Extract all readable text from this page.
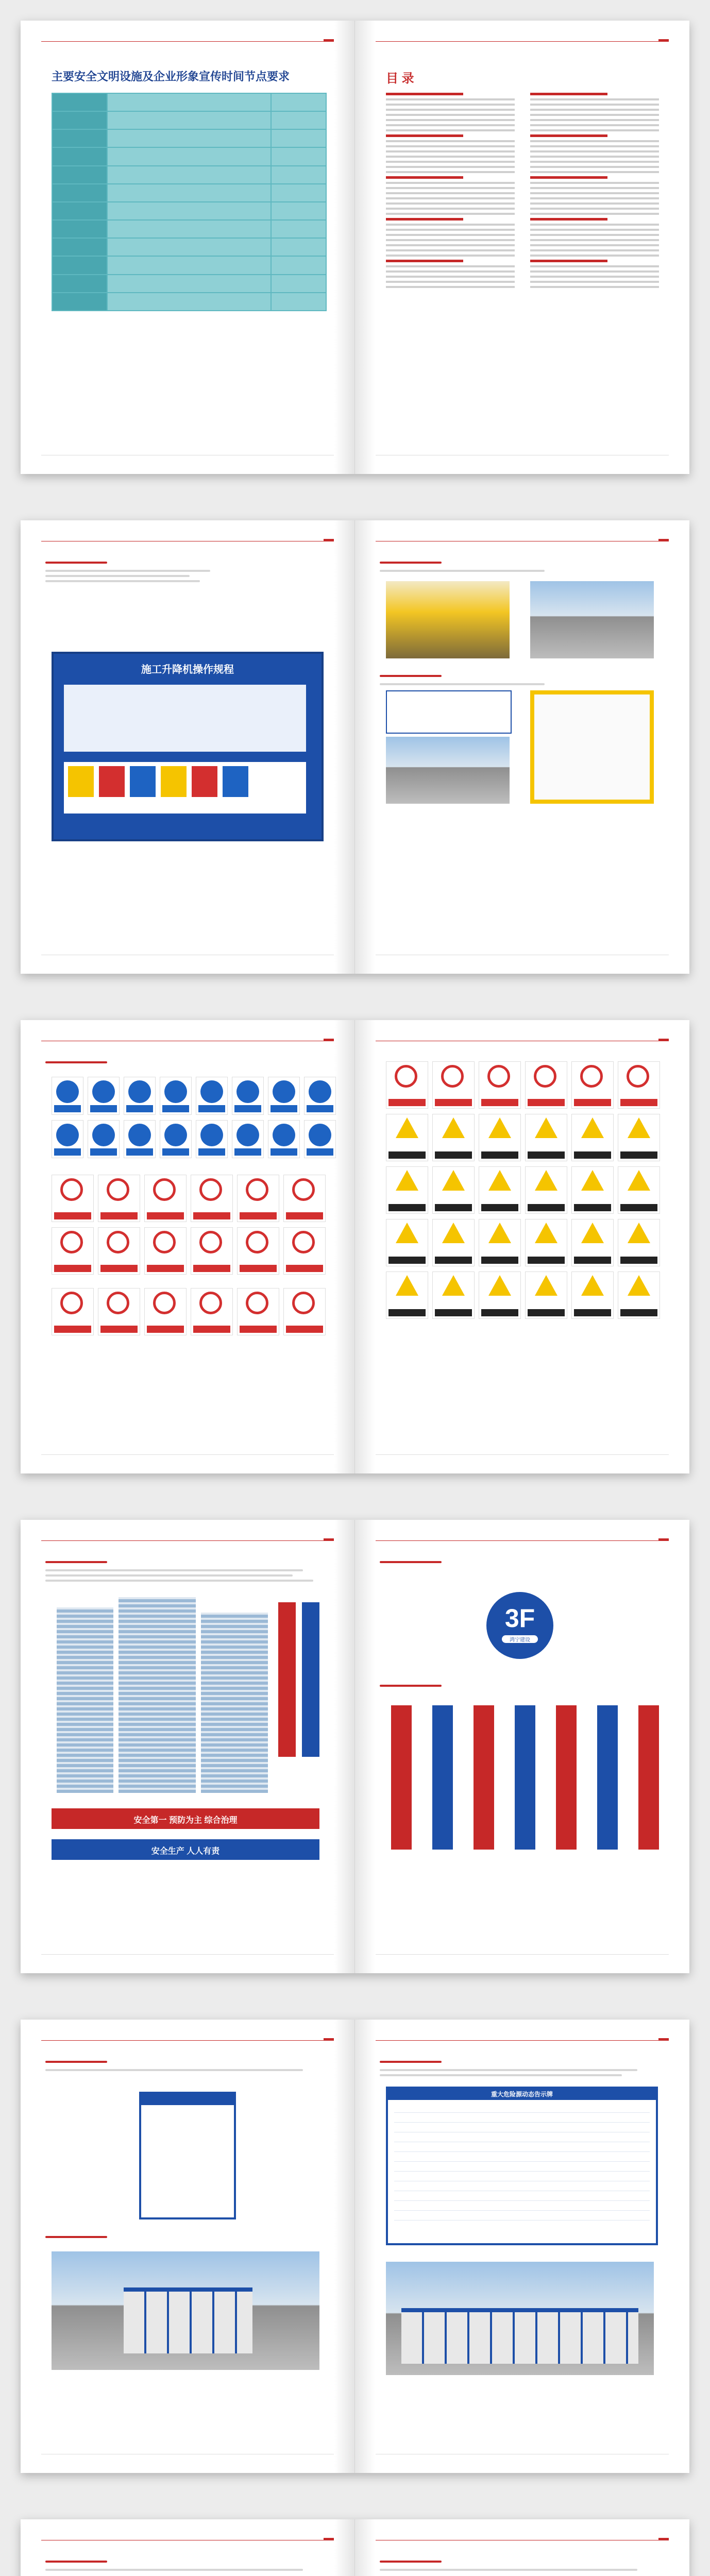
主要安全文明设施及企业形象宣传时间节点要求	目 录
施工升降机操作规程
安全第一 预防为主 综合治理
安全生产 人人有责
3F
鸿宁建设
重大危险源动态告示牌
